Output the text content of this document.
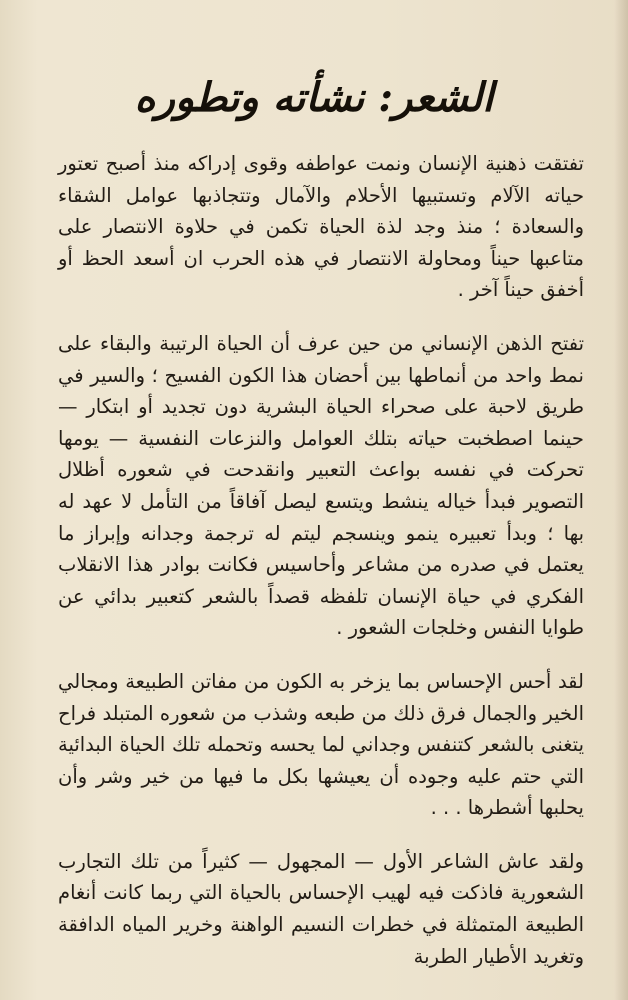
الشعر: نشأته وتطوره

تفتقت ذهنية الإنسان ونمت عواطفه وقوى إدراكه منذ أصبح تعتور حياته الآلام وتستبيها الأحلام والآمال وتتجاذبها عوامل الشقاء والسعادة ؛ منذ وجد لذة الحياة تكمن في حلاوة الانتصار على متاعبها حيناً ومحاولة الانتصار في هذه الحرب ان أسعد الحظ أو أخفق حيناً آخر .

تفتح الذهن الإنساني من حين عرف أن الحياة الرتيبة والبقاء على نمط واحد من أنماطها بين أحضان هذا الكون الفسيح ؛ والسير في طريق لاحبة على صحراء الحياة البشرية دون تجديد أو ابتكار — حينما اصطخبت حياته بتلك العوامل والنزعات النفسية — يومها تحركت في نفسه بواعث التعبير وانقدحت في شعوره أظلال التصوير فبدأ خياله ينشط ويتسع ليصل آفاقاً من التأمل لا عهد له بها ؛ وبدأ تعبيره ينمو وينسجم ليتم له ترجمة وجدانه وإبراز ما يعتمل في صدره من مشاعر وأحاسيس فكانت بوادر هذا الانقلاب الفكري في حياة الإنسان تلفظه قصداً بالشعر كتعبير بدائي عن طوايا النفس وخلجات الشعور .

لقد أحس الإحساس بما يزخر به الكون من مفاتن الطبيعة ومجالي الخير والجمال فرق ذلك من طبعه وشذب من شعوره المتبلد فراح يتغنى بالشعر كتنفس وجداني لما يحسه وتحمله تلك الحياة البدائية التي حتم عليه وجوده أن يعيشها بكل ما فيها من خير وشر وأن يحلبها أشطرها . . .

ولقد عاش الشاعر الأول — المجهول — كثيراً من تلك التجارب الشعورية فاذكت فيه لهيب الإحساس بالحياة التي ربما كانت أنغام الطبيعة المتمثلة في خطرات النسيم الواهنة وخرير المياه الدافقة وتغريد الأطيار الطربة
